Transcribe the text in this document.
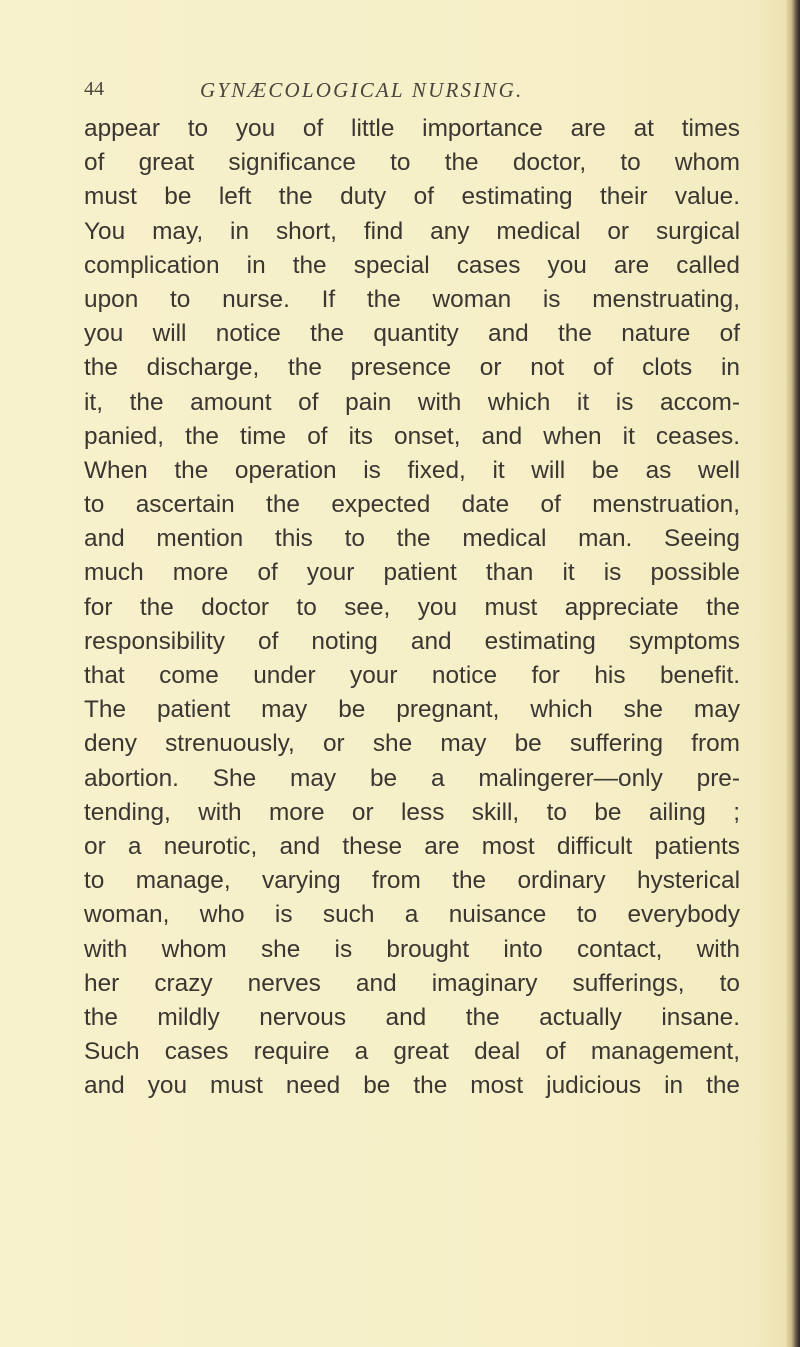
44	GYNÆCOLOGICAL NURSING.
appear to you of little importance are at times
of great significance to the doctor, to whom
must be left the duty of estimating their value.
You may, in short, find any medical or surgical
complication in the special cases you are called
upon to nurse. If the woman is menstruating,
you will notice the quantity and the nature of
the discharge, the presence or not of clots in
it, the amount of pain with which it is accom-
panied, the time of its onset, and when it ceases.
When the operation is fixed, it will be as well
to ascertain the expected date of menstruation,
and mention this to the medical man. Seeing
much more of your patient than it is possible
for the doctor to see, you must appreciate the
responsibility of noting and estimating symptoms
that come under your notice for his benefit.
The patient may be pregnant, which she may
deny strenuously, or she may be suffering from
abortion. She may be a malingerer—only pre-
tending, with more or less skill, to be ailing ;
or a neurotic, and these are most difficult patients
to manage, varying from the ordinary hysterical
woman, who is such a nuisance to everybody
with whom she is brought into contact, with
her crazy nerves and imaginary sufferings, to
the mildly nervous and the actually insane.
Such cases require a great deal of management,
and you must need be the most judicious in the
